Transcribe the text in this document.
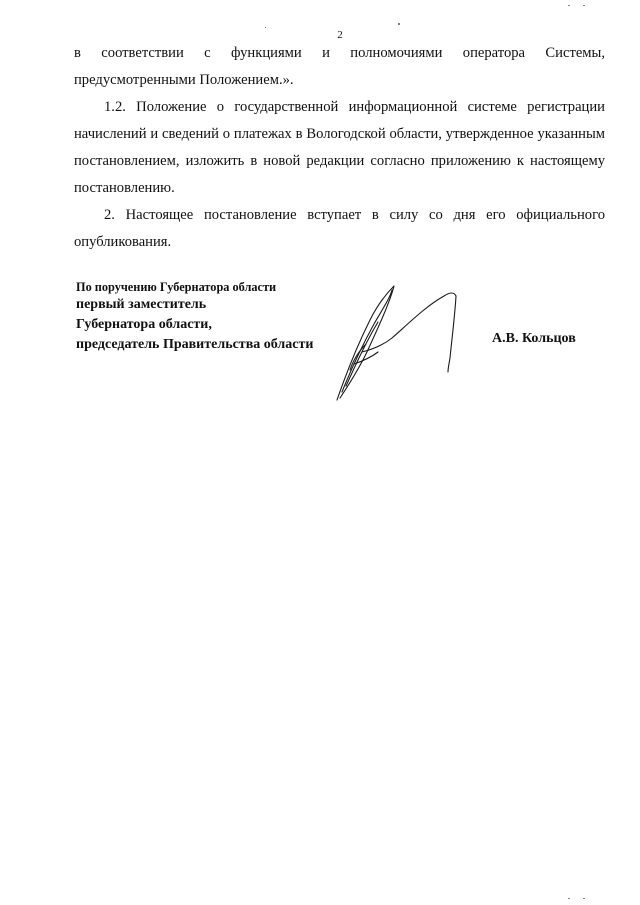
2

в соответствии с функциями и полномочиями оператора Системы, предусмотренными Положением.».

1.2. Положение о государственной информационной системе регистрации начислений и сведений о платежах в Вологодской области, утвержденное указанным постановлением, изложить в новой редакции согласно приложению к настоящему постановлению.

2. Настоящее постановление вступает в силу со дня его официального опубликования.

По поручению Губернатора области
первый заместитель
Губернатора области,
председатель Правительства области	А.В. Кольцов
